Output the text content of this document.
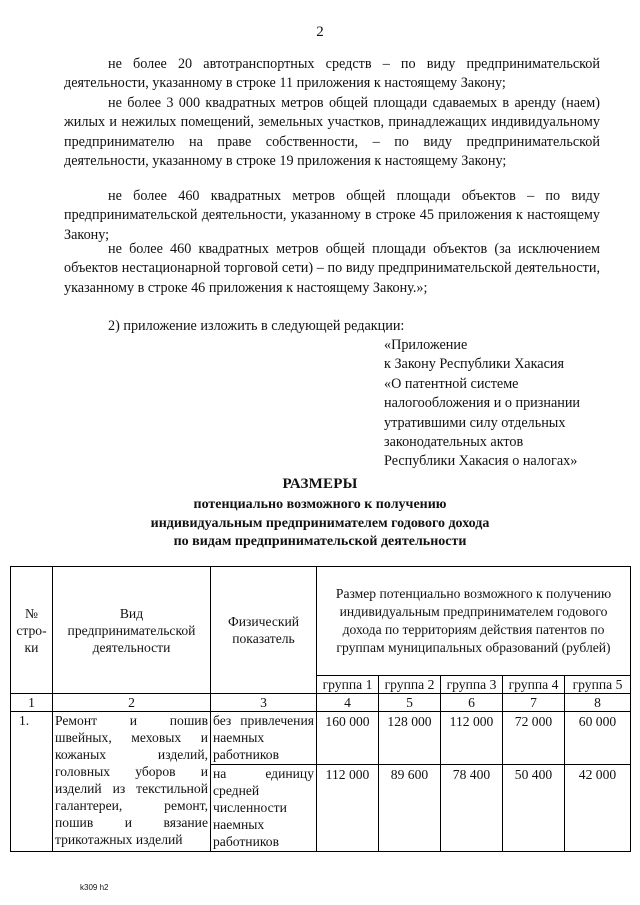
2

не более 20 автотранспортных средств – по виду предпринимательской деятельности, указанному в строке 11 приложения к настоящему Закону;

не более 3 000 квадратных метров общей площади сдаваемых в аренду (наем) жилых и нежилых помещений, земельных участков, принадлежащих индивидуальному предпринимателю на праве собственности, – по виду предпринимательской деятельности, указанному в строке 19 приложения к настоящему Закону;

не более 460 квадратных метров общей площади объектов – по виду предпринимательской деятельности, указанному в строке 45 приложения к настоящему Закону;

не более 460 квадратных метров общей площади объектов (за исключением объектов нестационарной торговой сети) – по виду предпринимательской деятельности, указанному в строке 46 приложения к настоящему Закону.»;

2) приложение изложить в следующей редакции:

«Приложение
к Закону Республики Хакасия
«О патентной системе
налогообложения и о признании
утратившими силу отдельных
законодательных актов
Республики Хакасия о налогах»
РАЗМЕРЫ
потенциально возможного к получению
индивидуальным предпринимателем годового дохода
по видам предпринимательской деятельности
№ стро-ки	Вид предпринимательской деятельности	Физический показатель	Размер потенциально возможного к получению индивидуальным предпринимателем годового дохода по территориям действия патентов по группам муниципальных образований (рублей)				
			группа 1	группа 2	группа 3	группа 4	группа 5
1	2	3	4	5	6	7	8
1.	Ремонт и пошив швейных, меховых и кожаных изделий, головных уборов и изделий из текстильной галантереи, ремонт, пошив и вязание трикотажных изделий	без привлечения наемных работников	160 000	128 000	112 000	72 000	60 000
		на единицу средней численности наемных работников	112 000	89 600	78 400	50 400	42 000
k309 h2
